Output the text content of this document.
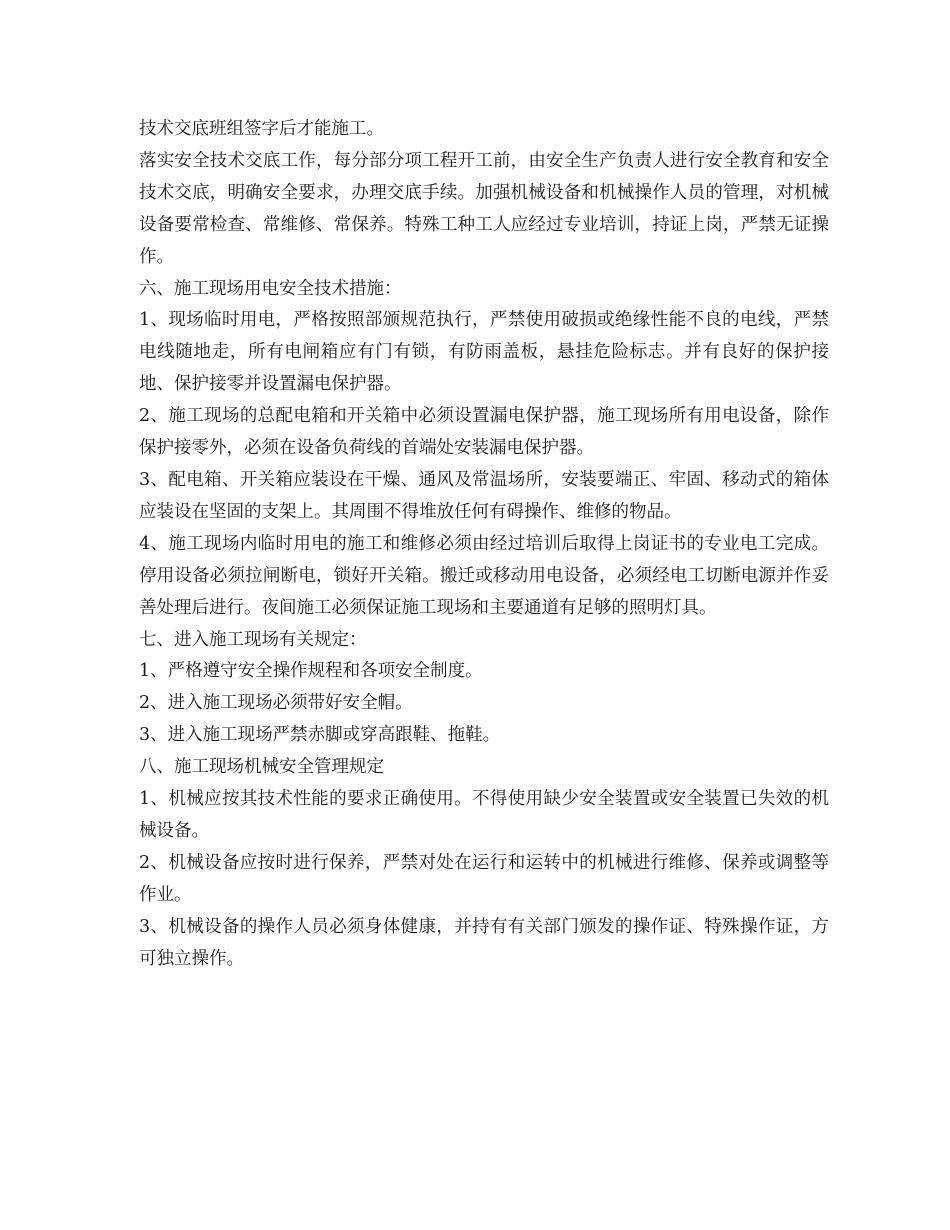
技术交底班组签字后才能施工。

落实安全技术交底工作，每分部分项工程开工前，由安全生产负责人进行安全教育和安全技术交底，明确安全要求，办理交底手续。加强机械设备和机械操作人员的管理，对机械设备要常检查、常维修、常保养。特殊工种工人应经过专业培训，持证上岗，严禁无证操作。

六、施工现场用电安全技术措施：

1、现场临时用电，严格按照部颁规范执行，严禁使用破损或绝缘性能不良的电线，严禁电线随地走，所有电闸箱应有门有锁，有防雨盖板，悬挂危险标志。并有良好的保护接地、保护接零并设置漏电保护器。

2、施工现场的总配电箱和开关箱中必须设置漏电保护器，施工现场所有用电设备，除作保护接零外，必须在设备负荷线的首端处安装漏电保护器。

3、配电箱、开关箱应装设在干燥、通风及常温场所，安装要端正、牢固、移动式的箱体应装设在坚固的支架上。其周围不得堆放任何有碍操作、维修的物品。

4、施工现场内临时用电的施工和维修必须由经过培训后取得上岗证书的专业电工完成。停用设备必须拉闸断电，锁好开关箱。搬迁或移动用电设备，必须经电工切断电源并作妥善处理后进行。夜间施工必须保证施工现场和主要通道有足够的照明灯具。

七、进入施工现场有关规定：

1、严格遵守安全操作规程和各项安全制度。

2、进入施工现场必须带好安全帽。

3、进入施工现场严禁赤脚或穿高跟鞋、拖鞋。

八、施工现场机械安全管理规定

1、机械应按其技术性能的要求正确使用。不得使用缺少安全装置或安全装置已失效的机械设备。

2、机械设备应按时进行保养，严禁对处在运行和运转中的机械进行维修、保养或调整等作业。

3、机械设备的操作人员必须身体健康，并持有有关部门颁发的操作证、特殊操作证，方可独立操作。
